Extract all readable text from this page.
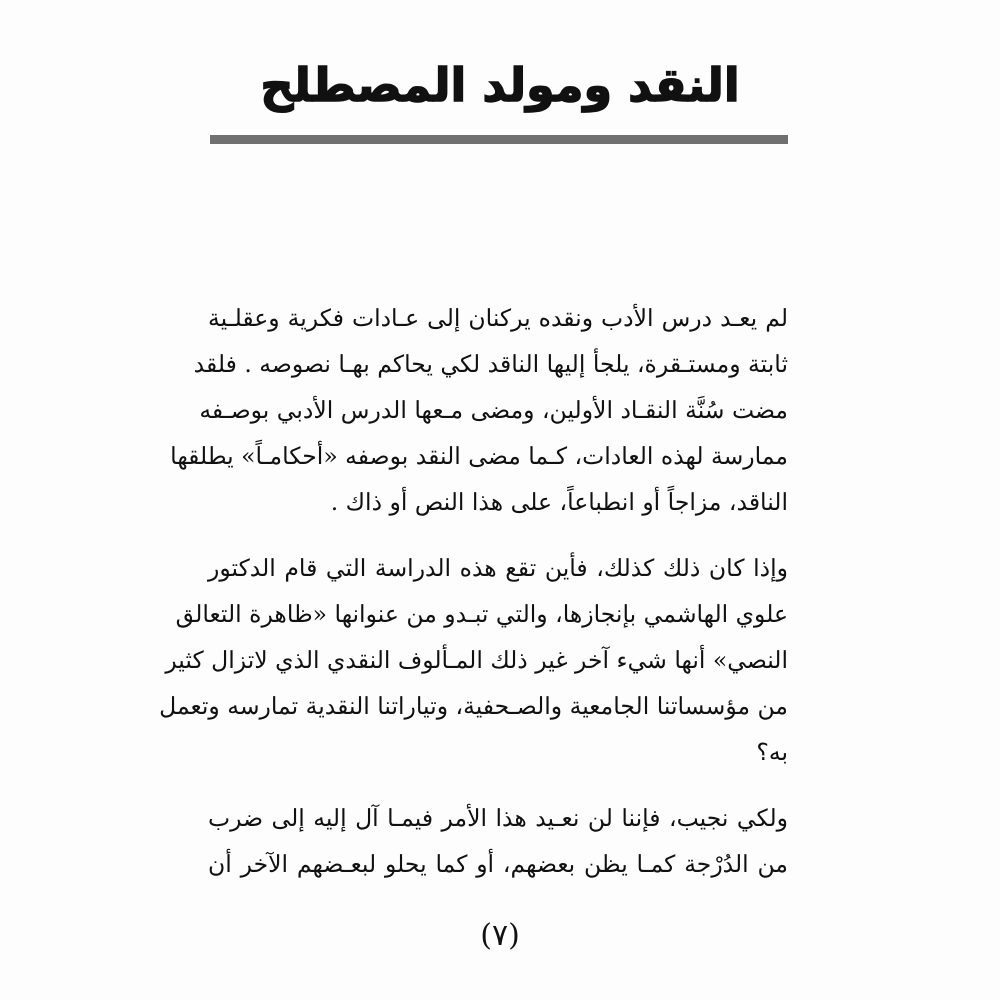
النقد ومولد المصطلح
لم يعـد درس الأدب ونقده يركنان إلى عـادات فكرية وعقلـية
ثابتة ومستـقرة، يلجأ إليها الناقد لكي يحاكم بهـا نصوصه . فلقد
مضت سُنَّة النقـاد الأولين، ومضى مـعها الدرس الأدبي بوصـفه
ممارسة لهذه العادات، كـما مضى النقد بوصفه «أحكامـاً» يطلقها
الناقد، مزاجاً أو انطباعاً، على هذا النص أو ذاك .
وإذا كان ذلك كذلك، فأين تقع هذه الدراسة التي قام الدكتور
علوي الهاشمي بإنجازها، والتي تبـدو من عنوانها «ظاهرة التعالق
النصي» أنها شيء آخر غير ذلك المـألوف النقدي الذي لاتزال كثير
من مؤسساتنا الجامعية والصـحفية، وتياراتنا النقدية تمارسه وتعمل
به؟
ولكي نجيب، فإننا لن نعـيد هذا الأمر فيمـا آل إليه إلى ضرب
من الدُرْجة كمـا يظن بعضهم، أو كما يحلو لبعـضهم الآخر أن
(٧)
